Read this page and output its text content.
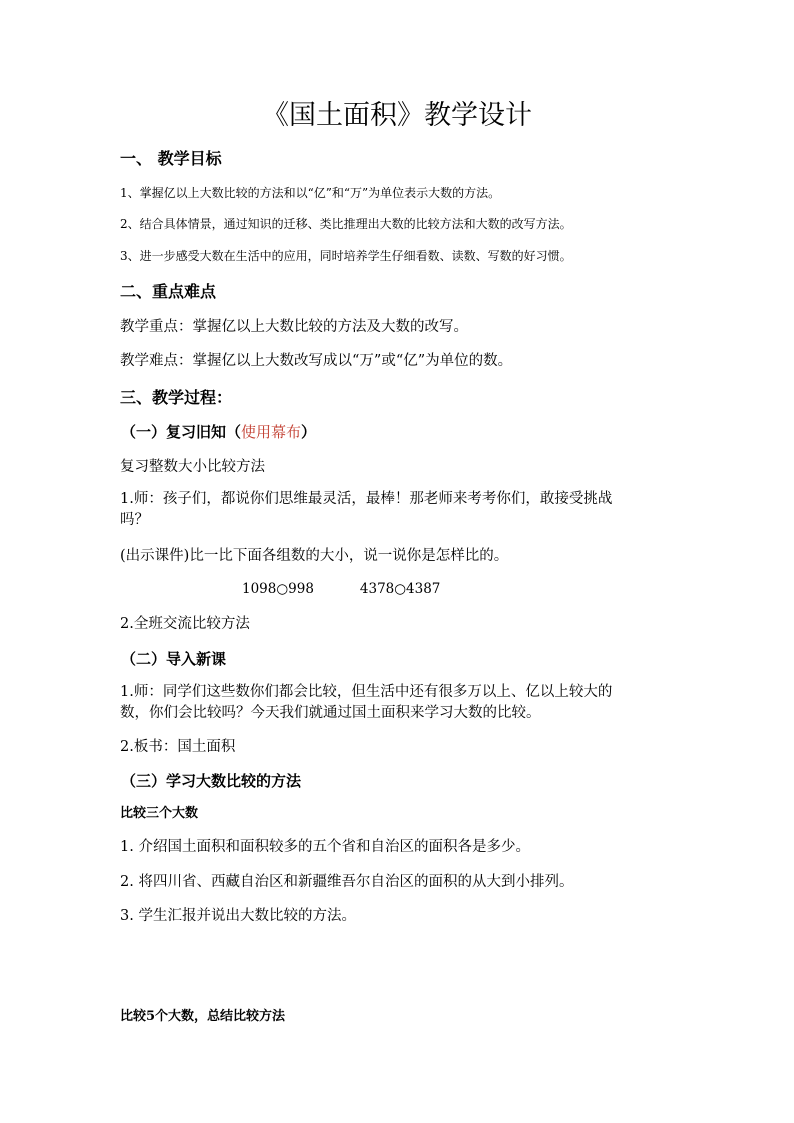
《国土面积》教学设计
一、 教学目标
1、掌握亿以上大数比较的方法和以“亿”和“万”为单位表示大数的方法。
2、结合具体情景，通过知识的迁移、类比推理出大数的比较方法和大数的改写方法。
3、进一步感受大数在生活中的应用，同时培养学生仔细看数、读数、写数的好习惯。
二、重点难点
教学重点：掌握亿以上大数比较的方法及大数的改写。
教学难点：掌握亿以上大数改写成以“万”或“亿”为单位的数。
三、教学过程：
（一）复习旧知（使用幕布）
复习整数大小比较方法
1.师：孩子们，都说你们思维最灵活，最棒！那老师来考考你们，敢接受挑战
吗？
(出示课件)比一比下面各组数的大小，说一说你是怎样比的。
1098○998	4378○4387
2.全班交流比较方法
（二）导入新课
1.师：同学们这些数你们都会比较，但生活中还有很多万以上、亿以上较大的
数，你们会比较吗？今天我们就通过国土面积来学习大数的比较。
2.板书：国土面积
（三）学习大数比较的方法
比较三个大数
1. 介绍国土面积和面积较多的五个省和自治区的面积各是多少。
2. 将四川省、西藏自治区和新疆维吾尔自治区的面积的从大到小排列。
3. 学生汇报并说出大数比较的方法。
比较5个大数，总结比较方法
